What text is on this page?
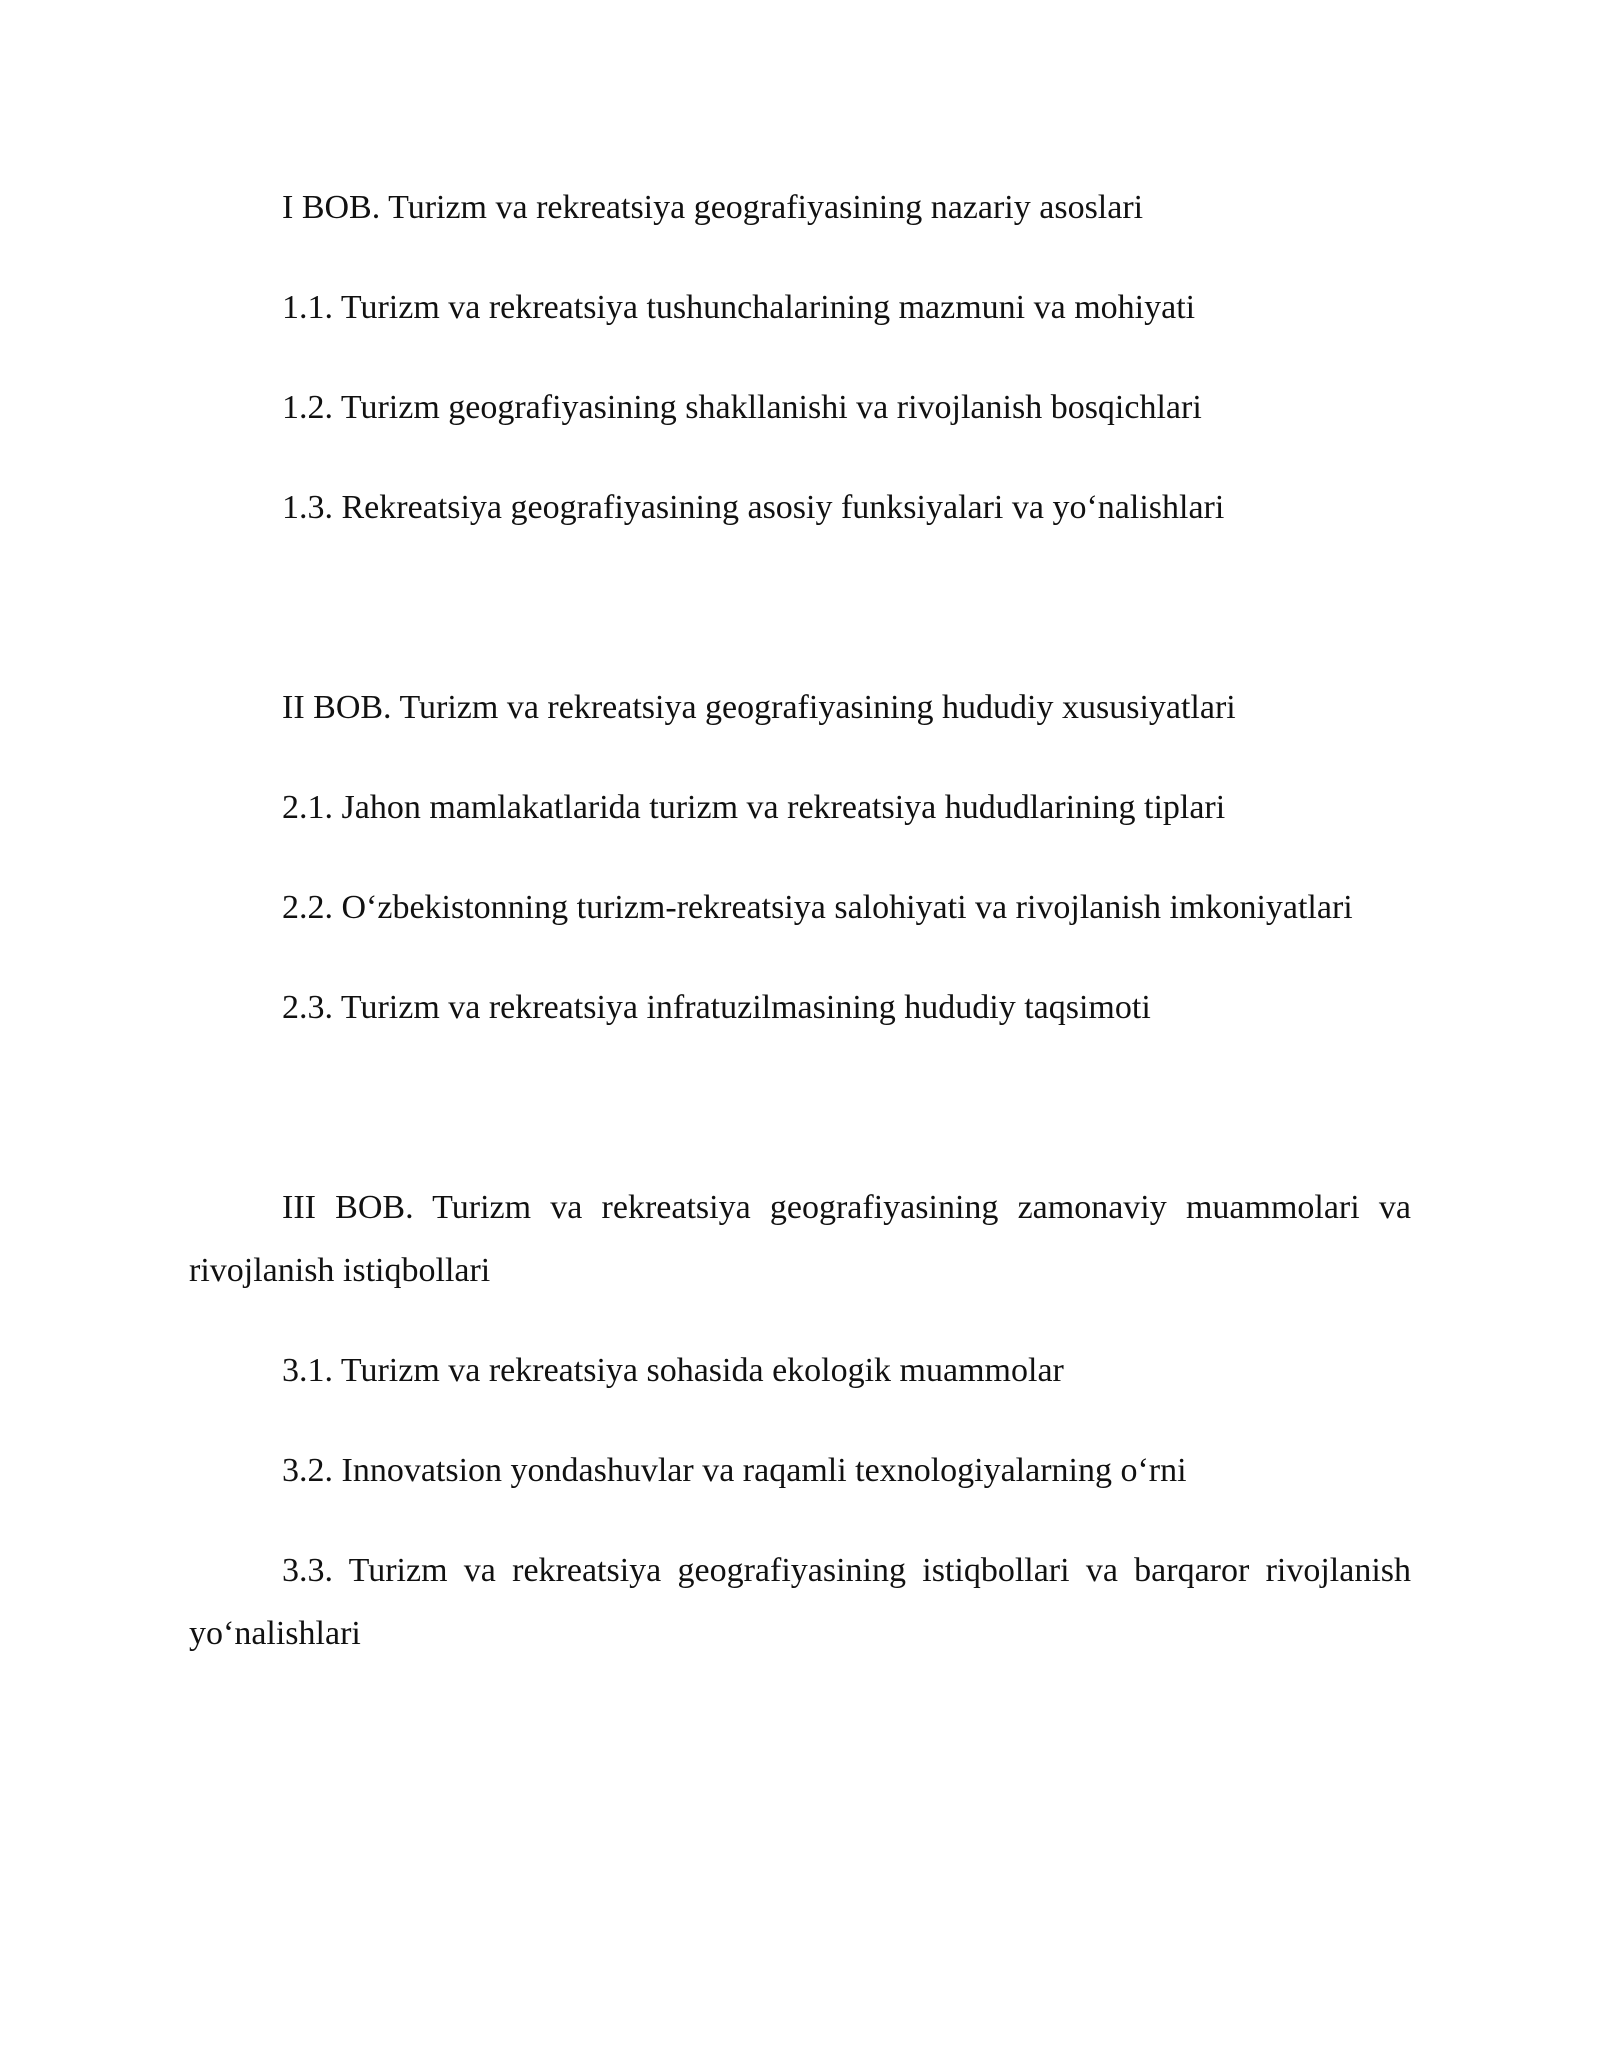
I BOB. Turizm va rekreatsiya geografiyasining nazariy asoslari

1.1. Turizm va rekreatsiya tushunchalarining mazmuni va mohiyati

1.2. Turizm geografiyasining shakllanishi va rivojlanish bosqichlari

1.3. Rekreatsiya geografiyasining asosiy funksiyalari va yo‘nalishlari

II BOB. Turizm va rekreatsiya geografiyasining hududiy xususiyatlari

2.1. Jahon mamlakatlarida turizm va rekreatsiya hududlarining tiplari

2.2. O‘zbekistonning turizm-rekreatsiya salohiyati va rivojlanish imkoniyatlari

2.3. Turizm va rekreatsiya infratuzilmasining hududiy taqsimoti

III BOB. Turizm va rekreatsiya geografiyasining zamonaviy muammolari va rivojlanish istiqbollari

3.1. Turizm va rekreatsiya sohasida ekologik muammolar

3.2. Innovatsion yondashuvlar va raqamli texnologiyalarning o‘rni

3.3. Turizm va rekreatsiya geografiyasining istiqbollari va barqaror rivojlanish yo‘nalishlari
